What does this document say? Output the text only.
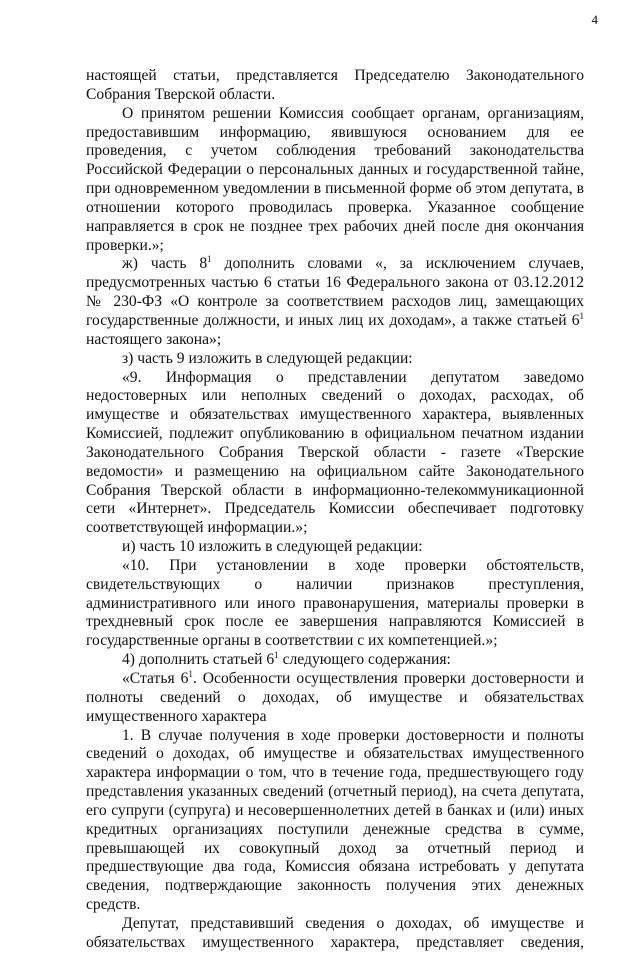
4

настоящей статьи, представляется Председателю Законодательного Собрания Тверской области.

О принятом решении Комиссия сообщает органам, организациям, предоставившим информацию, явившуюся основанием для ее проведения, с учетом соблюдения требований законодательства Российской Федерации о персональных данных и государственной тайне, при одновременном уведомлении в письменной форме об этом депутата, в отношении которого проводилась проверка. Указанное сообщение направляется в срок не позднее трех рабочих дней после дня окончания проверки.»;

ж) часть $8^1$ дополнить словами «, за исключением случаев, предусмотренных частью 6 статьи 16 Федерального закона от 03.12.2012 № 230-ФЗ «О контроле за соответствием расходов лиц, замещающих государственные должности, и иных лиц их доходам», а также статьей $6^1$ настоящего закона»;

з) часть 9 изложить в следующей редакции:

«9. Информация о представлении депутатом заведомо недостоверных или неполных сведений о доходах, расходах, об имуществе и обязательствах имущественного характера, выявленных Комиссией, подлежит опубликованию в официальном печатном издании Законодательного Собрания Тверской области - газете «Тверские ведомости» и размещению на официальном сайте Законодательного Собрания Тверской области в информационно-телекоммуникационной сети «Интернет». Председатель Комиссии обеспечивает подготовку соответствующей информации.»;

и) часть 10 изложить в следующей редакции:

«10. При установлении в ходе проверки обстоятельств, свидетельствующих о наличии признаков преступления, административного или иного правонарушения, материалы проверки в трехдневный срок после ее завершения направляются Комиссией в государственные органы в соответствии с их компетенцией.»;

4) дополнить статьей $6^1$ следующего содержания:

«Статья $6^1$. Особенности осуществления проверки достоверности и полноты сведений о доходах, об имуществе и обязательствах имущественного характера

1. В случае получения в ходе проверки достоверности и полноты сведений о доходах, об имуществе и обязательствах имущественного характера информации о том, что в течение года, предшествующего году представления указанных сведений (отчетный период), на счета депутата, его супруги (супруга) и несовершеннолетних детей в банках и (или) иных кредитных организациях поступили денежные средства в сумме, превышающей их совокупный доход за отчетный период и предшествующие два года, Комиссия обязана истребовать у депутата сведения, подтверждающие законность получения этих денежных средств.

Депутат, представивший сведения о доходах, об имуществе и обязательствах имущественного характера, представляет сведения,
